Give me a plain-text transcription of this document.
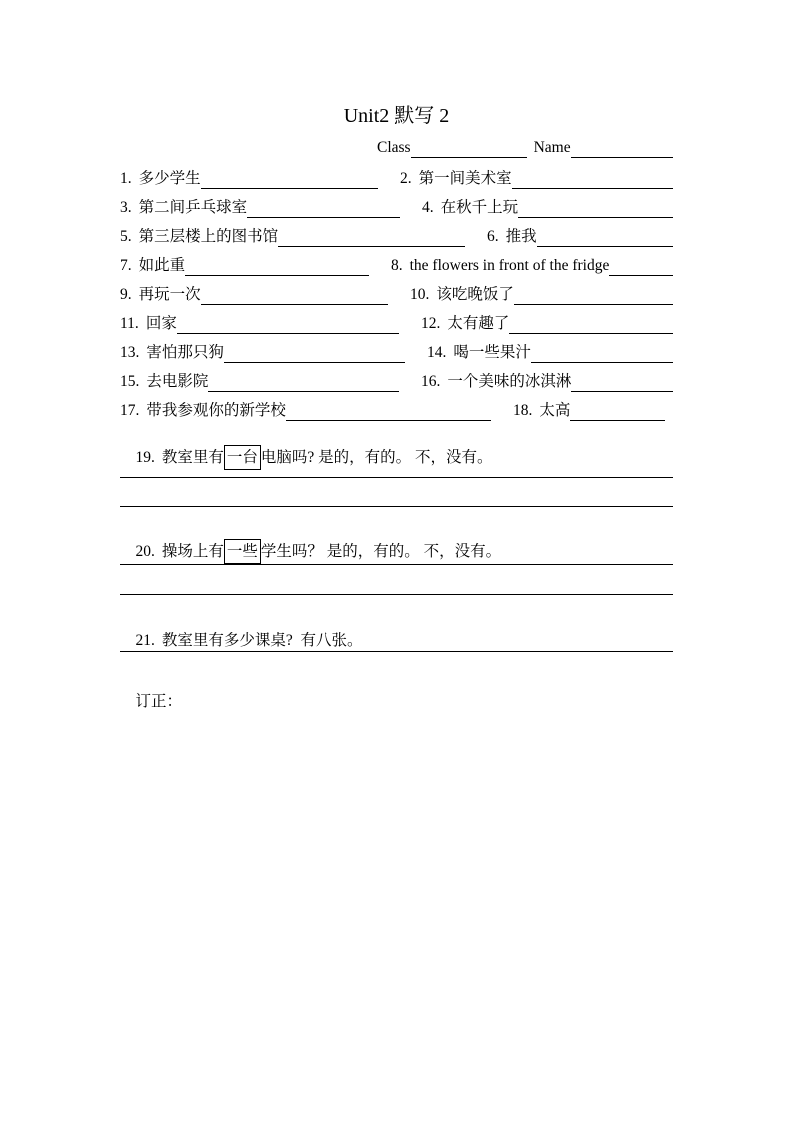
Unit2 默写 2
Class	Name
1. 多少学生	2. 第一间美术室
3. 第二间乒乓球室	4. 在秋千上玩
5. 第三层楼上的图书馆	6. 推我
7. 如此重	8. the flowers in front of the fridge
9. 再玩一次	10. 该吃晚饭了
11. 回家	12. 太有趣了
13. 害怕那只狗	14. 喝一些果汁
15. 去电影院	16. 一个美味的冰淇淋
17. 带我参观你的新学校	18. 太高

19. 教室里有 一台 电脑吗? 是的，有的。 不，没有。

20. 操场上有 一些 学生吗？ 是的，有的。 不，没有。

21. 教室里有多少课桌?  有八张。

订正：
